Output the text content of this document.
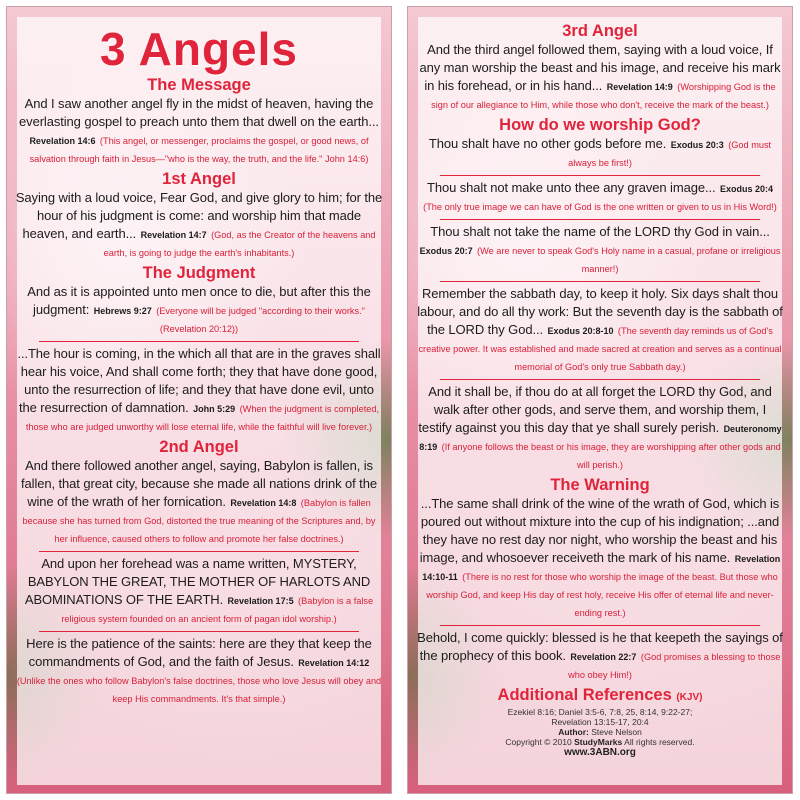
3 Angels
The Message
And I saw another angel fly in the midst of heaven, having the everlasting gospel to preach unto them that dwell on the earth... Revelation 14:6 (This angel, or messenger, proclaims the gospel, or good news, of salvation through faith in Jesus—"who is the way, the truth, and the life." John 14:6)
1st Angel
Saying with a loud voice, Fear God, and give glory to him; for the hour of his judgment is come: and worship him that made heaven, and earth... Revelation 14:7 (God, as the Creator of the heavens and earth, is going to judge the earth's inhabitants.)
The Judgment
And as it is appointed unto men once to die, but after this the judgment: Hebrews 9:27 (Everyone will be judged "according to their works." (Revelation 20:12))
...The hour is coming, in the which all that are in the graves shall hear his voice, And shall come forth; they that have done good, unto the resurrection of life; and they that have done evil, unto the resurrection of damnation. John 5:29 (When the judgment is completed, those who are judged unworthy will lose eternal life, while the faithful will live forever.)
2nd Angel
And there followed another angel, saying, Babylon is fallen, is fallen, that great city, because she made all nations drink of the wine of the wrath of her fornication. Revelation 14:8 (Babylon is fallen because she has turned from God, distorted the true meaning of the Scriptures and, by her influence, caused others to follow and promote her false doctrines.)
And upon her forehead was a name written, MYSTERY, BABYLON THE GREAT, THE MOTHER OF HARLOTS AND ABOMINATIONS OF THE EARTH. Revelation 17:5 (Babylon is a false religious system founded on an ancient form of pagan idol worship.)
Here is the patience of the saints: here are they that keep the commandments of God, and the faith of Jesus. Revelation 14:12 (Unlike the ones who follow Babylon's false doctrines, those who love Jesus will obey and keep His commandments. It's that simple.)
3rd Angel
And the third angel followed them, saying with a loud voice, If any man worship the beast and his image, and receive his mark in his forehead, or in his hand... Revelation 14:9 (Worshipping God is the sign of our allegiance to Him, while those who don't, receive the mark of the beast.)
How do we worship God?
Thou shalt have no other gods before me. Exodus 20:3 (God must always be first!)
Thou shalt not make unto thee any graven image... Exodus 20:4 (The only true image we can have of God is the one written or given to us in His Word!)
Thou shalt not take the name of the LORD thy God in vain... Exodus 20:7 (We are never to speak God's Holy name in a casual, profane or irreligious manner!)
Remember the sabbath day, to keep it holy. Six days shalt thou labour, and do all thy work: But the seventh day is the sabbath of the LORD thy God... Exodus 20:8-10 (The seventh day reminds us of God's creative power. It was established and made sacred at creation and serves as a continual memorial of God's only true Sabbath day.)
And it shall be, if thou do at all forget the LORD thy God, and walk after other gods, and serve them, and worship them, I testify against you this day that ye shall surely perish. Deuteronomy 8:19 (If anyone follows the beast or his image, they are worshipping after other gods and will perish.)
The Warning
...The same shall drink of the wine of the wrath of God, which is poured out without mixture into the cup of his indignation; ...and they have no rest day nor night, who worship the beast and his image, and whosoever receiveth the mark of his name. Revelation 14:10-11 (There is no rest for those who worship the image of the beast. But those who worship God, and keep His day of rest holy, receive His offer of eternal life and never-ending rest.)
Behold, I come quickly: blessed is he that keepeth the sayings of the prophecy of this book. Revelation 22:7 (God promises a blessing to those who obey Him!)
Additional References (KJV)
Ezekiel 8:16; Daniel 3:5-6, 7:8, 25, 8:14, 9:22-27;
Revelation 13:15-17, 20:4
Author: Steve Nelson
Copyright © 2010 StudyMarks All rights reserved.
www.3ABN.org
